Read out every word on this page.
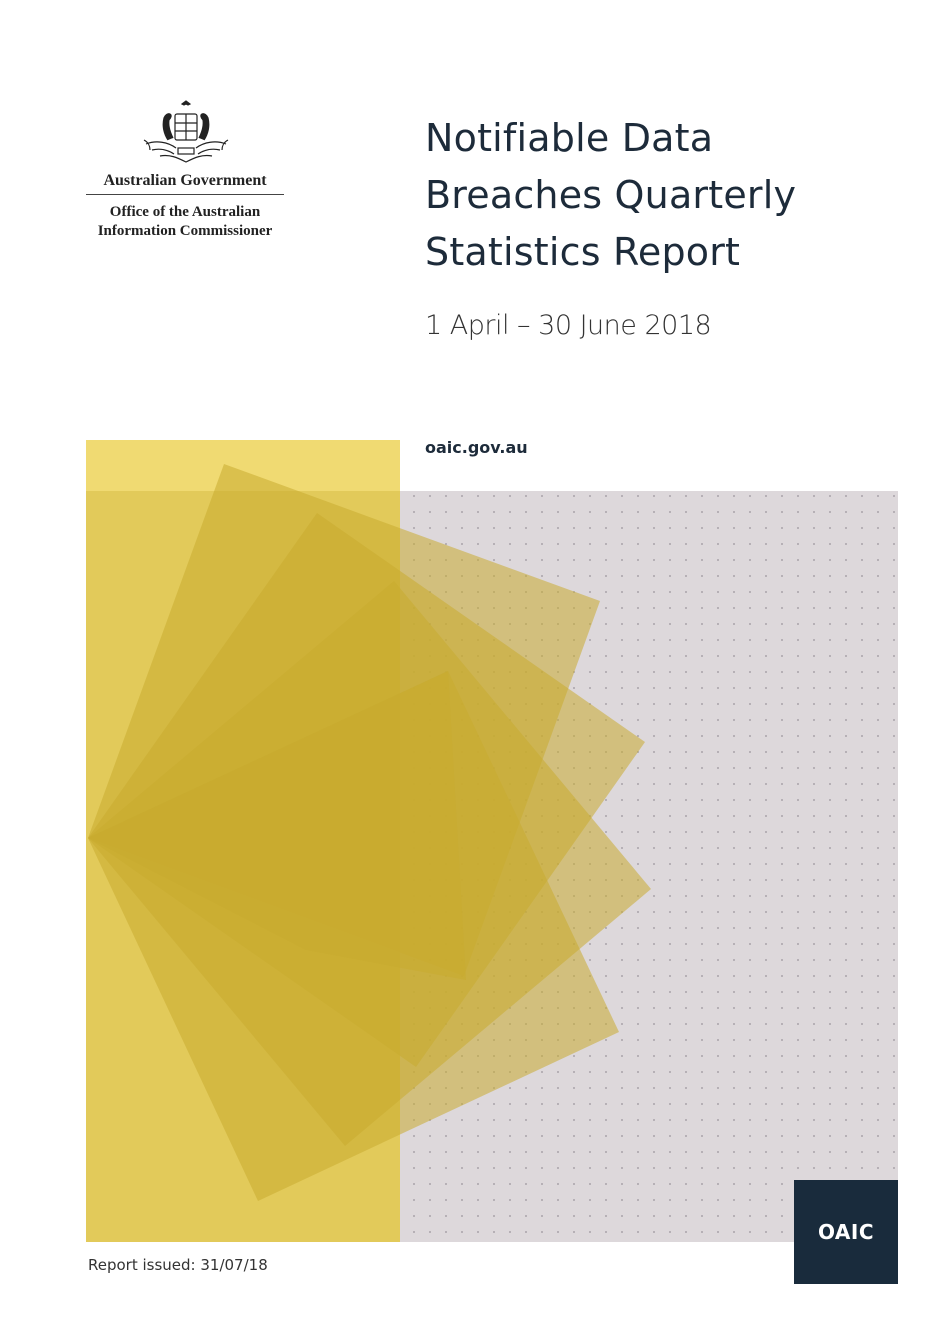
Australian Government
Office of the Australian
Information Commissioner
Notifiable Data
Breaches Quarterly
Statistics Report
1 April – 30 June 2018
oaic.gov.au
Report issued: 31/07/18
OAIC
